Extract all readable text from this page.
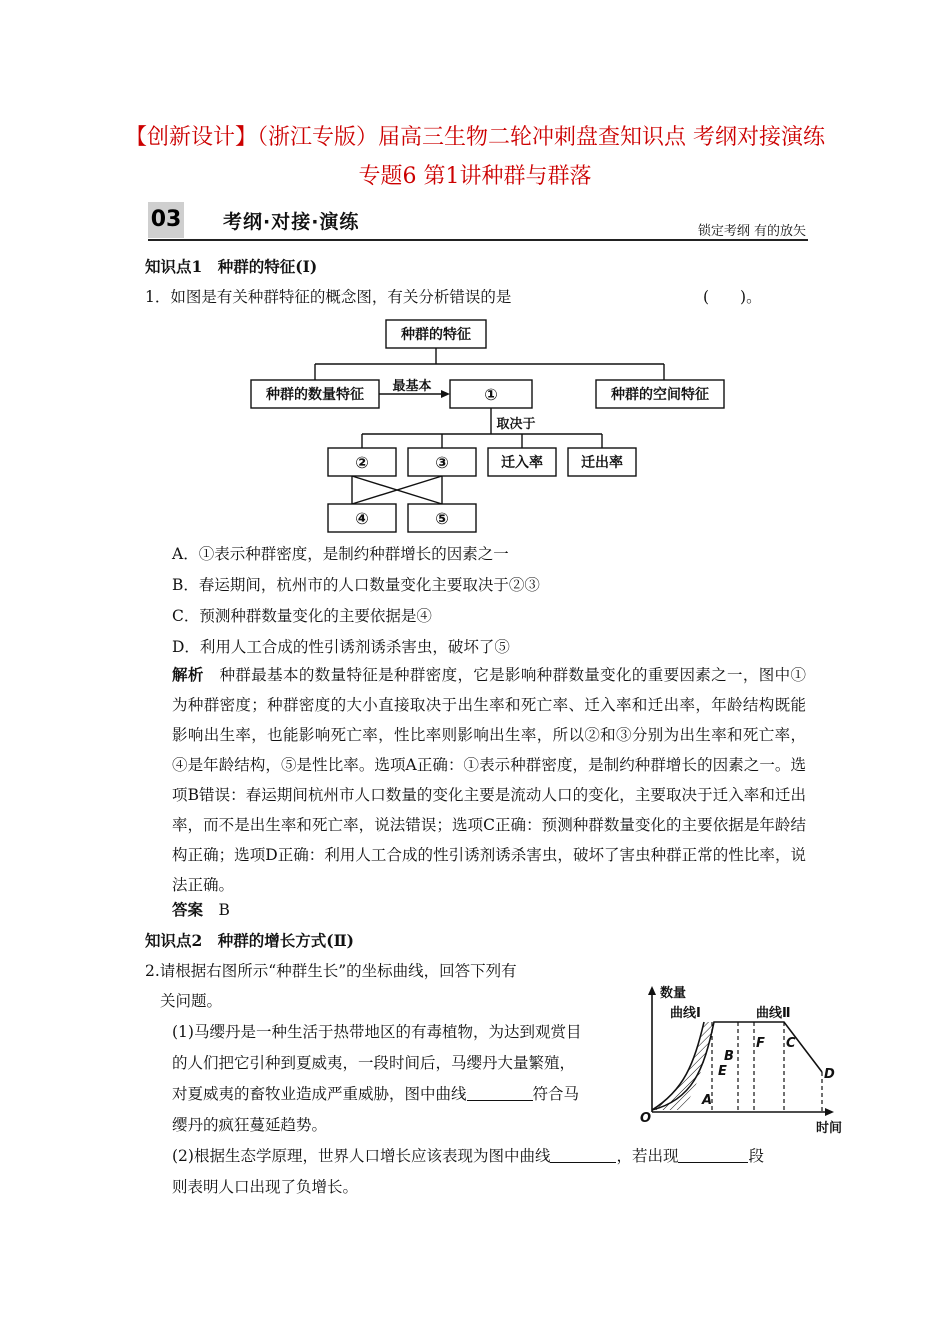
【创新设计】（浙江专版）届高三生物二轮冲刺盘查知识点 考纲对接演练 专题6 第1讲种群与群落
03 考纲·对接·演练	锁定考纲 有的放矢
知识点1　种群的特征(Ⅰ)
1．如图是有关种群特征的概念图，有关分析错误的是	(　　)。
种群的特征
种群的数量特征
最基本	①	种群的空间特征
取决于
②	③	迁入率	迁出率
④	⑤
A．①表示种群密度，是制约种群增长的因素之一
B．春运期间，杭州市的人口数量变化主要取决于②③
C．预测种群数量变化的主要依据是④
D．利用人工合成的性引诱剂诱杀害虫，破坏了⑤
解析　 种群最基本的数量特征是种群密度，它是影响种群数量变化的重要因素之一，图中①为种群密度；种群密度的大小直接取决于出生率和死亡率、迁入率和迁出率，年龄结构既能影响出生率，也能影响死亡率，性比率则影响出生率，所以②和③分别为出生率和死亡率，④是年龄结构，⑤是性比率。选项A正确：①表示种群密度，是制约种群增长的因素之一。选项B错误：春运期间杭州市人口数量的变化主要是流动人口的变化，主要取决于迁入率和迁出率，而不是出生率和死亡率，说法错误；选项C正确：预测种群数量变化的主要依据是年龄结构正确；选项D正确：利用人工合成的性引诱剂诱杀害虫，破坏了害虫种群正常的性比率，说法正确。
答案　 B
知识点2　种群的增长方式(Ⅱ)
2.请根据右图所示“种群生长”的坐标曲线，回答下列有
关问题。
(1)马缨丹是一种生活于热带地区的有毒植物，为达到观赏目
的人们把它引种到夏威夷，一段时间后，马缨丹大量繁殖，
对夏威夷的畜牧业造成严重威胁，图中曲线	符合马
缨丹的疯狂蔓延趋势。
(2)根据生态学原理，世界人口增长应该表现为图中曲线	，若出现	段
则表明人口出现了负增长。
数量
时间
O
曲线Ⅰ	曲线Ⅱ
A
B
C
D
E
F
